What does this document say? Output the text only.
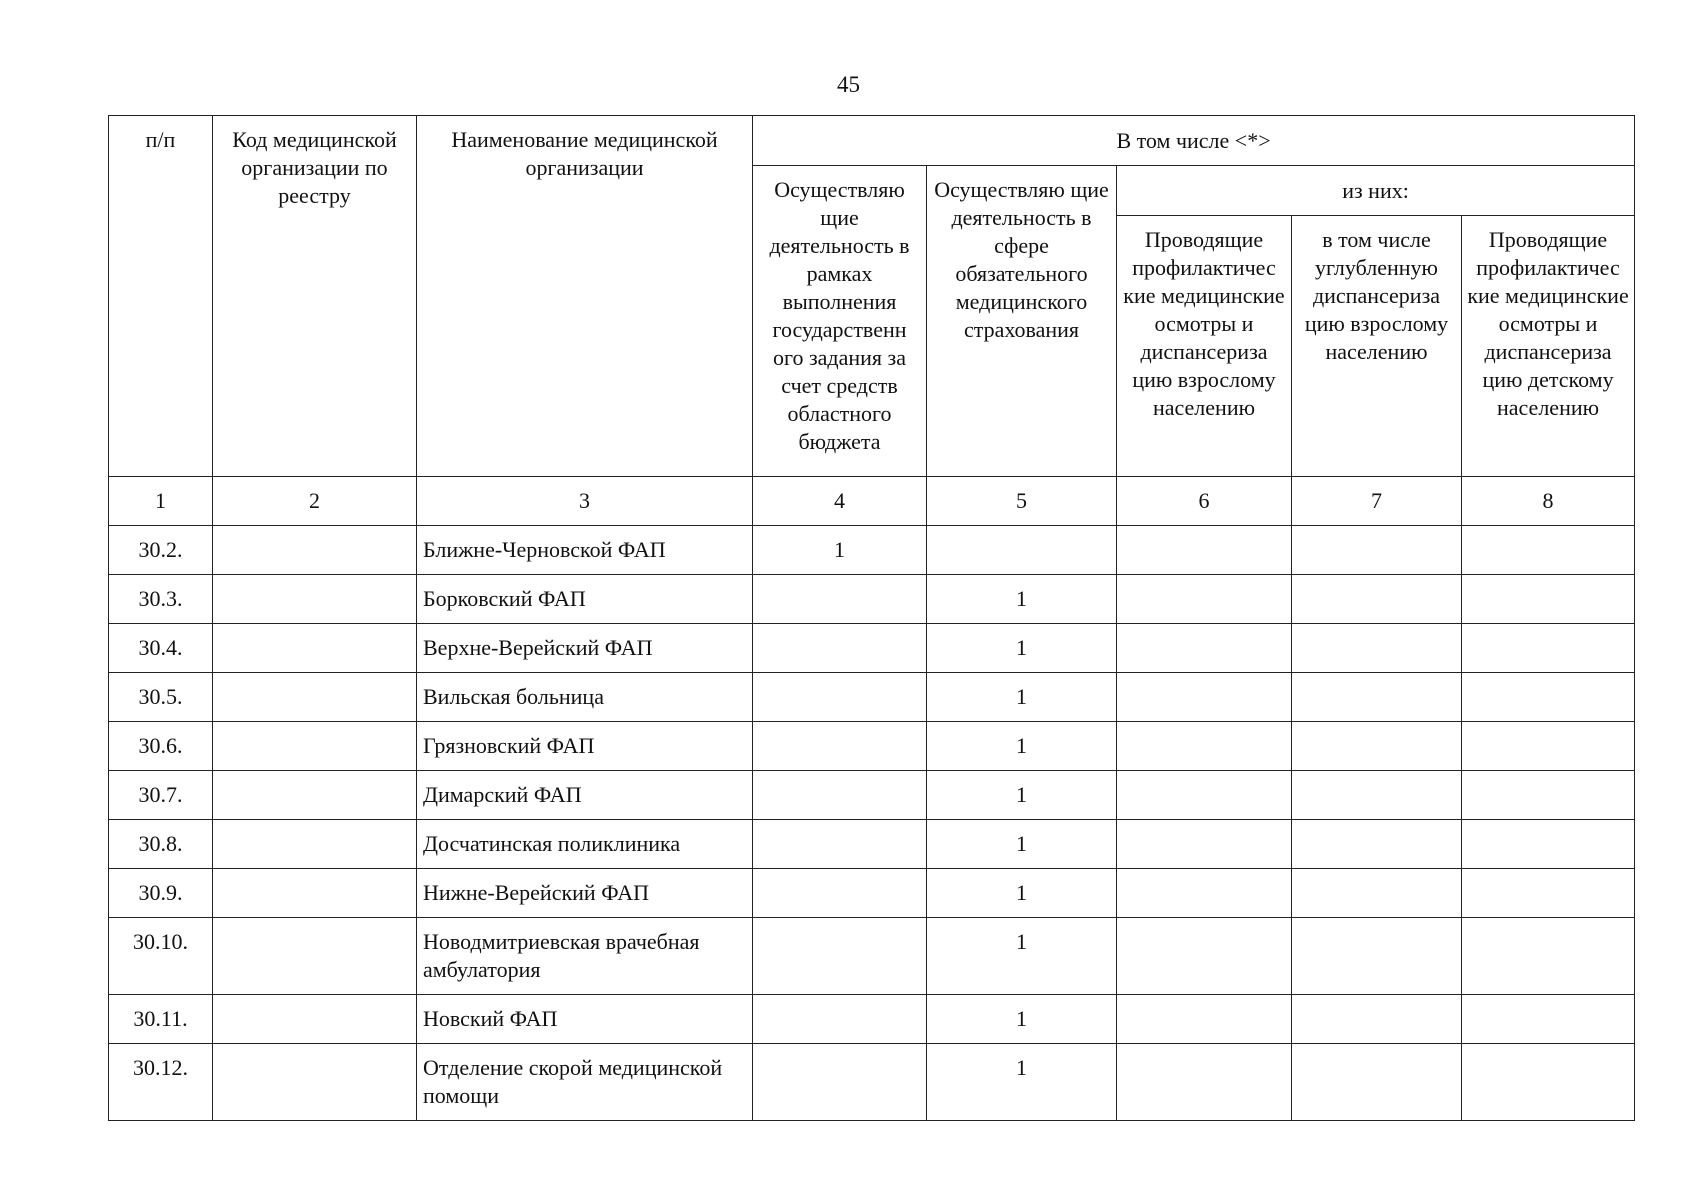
45
п/п	Код медицинской организации по реестру	Наименование медицинской организации	В том числе <*>				
			Осуществляю щие деятельность в рамках выполнения государственн ого задания за счет средств областного бюджета	Осуществляю щие деятельность в сфере обязательного медицинского страхования	из них:		
					Проводящие профилактичес кие медицинские осмотры и диспансериза цию взрослому населению	в том числе углубленную диспансериза цию взрослому населению	Проводящие профилактичес кие медицинские осмотры и диспансериза цию детскому населению
1	2	3	4	5	6	7	8
30.2.		Ближне-Черновской ФАП	1				
30.3.		Борковский ФАП		1			
30.4.		Верхне-Верейский ФАП		1			
30.5.		Вильская больница		1			
30.6.		Грязновский ФАП		1			
30.7.		Димарский ФАП		1			
30.8.		Досчатинская поликлиника		1			
30.9.		Нижне-Верейский ФАП		1			
30.10.		Новодмитриевская врачебная амбулатория		1			
30.11.		Новский ФАП		1			
30.12.		Отделение скорой медицинской помощи		1			
